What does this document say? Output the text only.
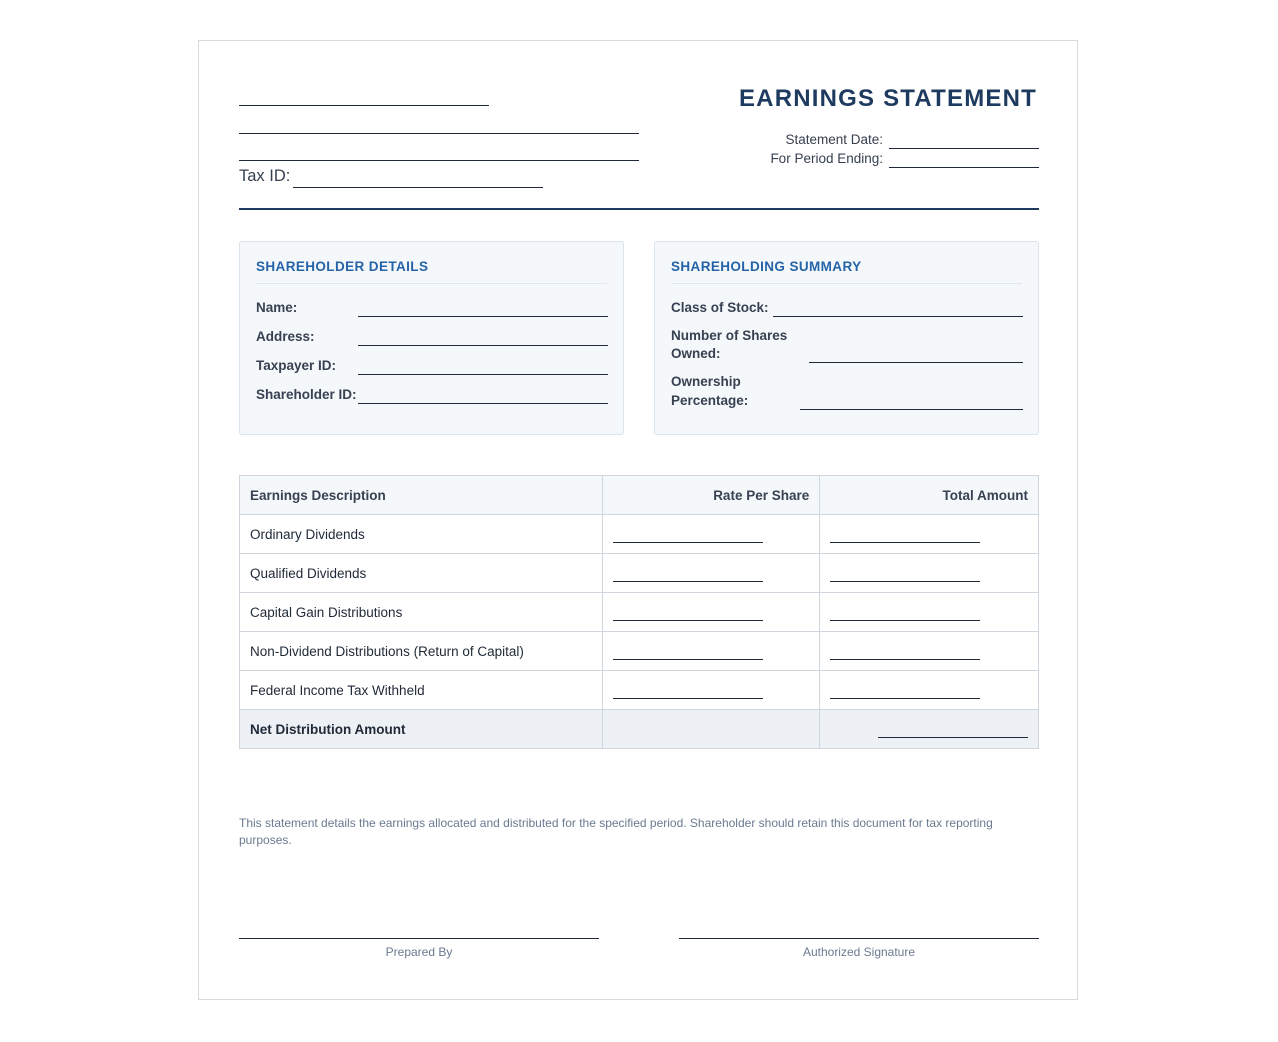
Tax ID:
EARNINGS STATEMENT
Statement Date:
For Period Ending:
SHAREHOLDER DETAILS
Name:
Address:
Taxpayer ID:
Shareholder ID:
SHAREHOLDING SUMMARY
Class of Stock:
Number of Shares
Owned:
Ownership
Percentage:
Earnings Description	Rate Per Share	Total Amount
Ordinary Dividends	

Qualified Dividends	

Capital Gain Distributions	

Non-Dividend Distributions (Return of Capital)	

Federal Income Tax Withheld	

Net Distribution Amount		
This statement details the earnings allocated and distributed for the specified period. Shareholder should retain this document for tax reporting purposes.
Prepared By	Authorized Signature
